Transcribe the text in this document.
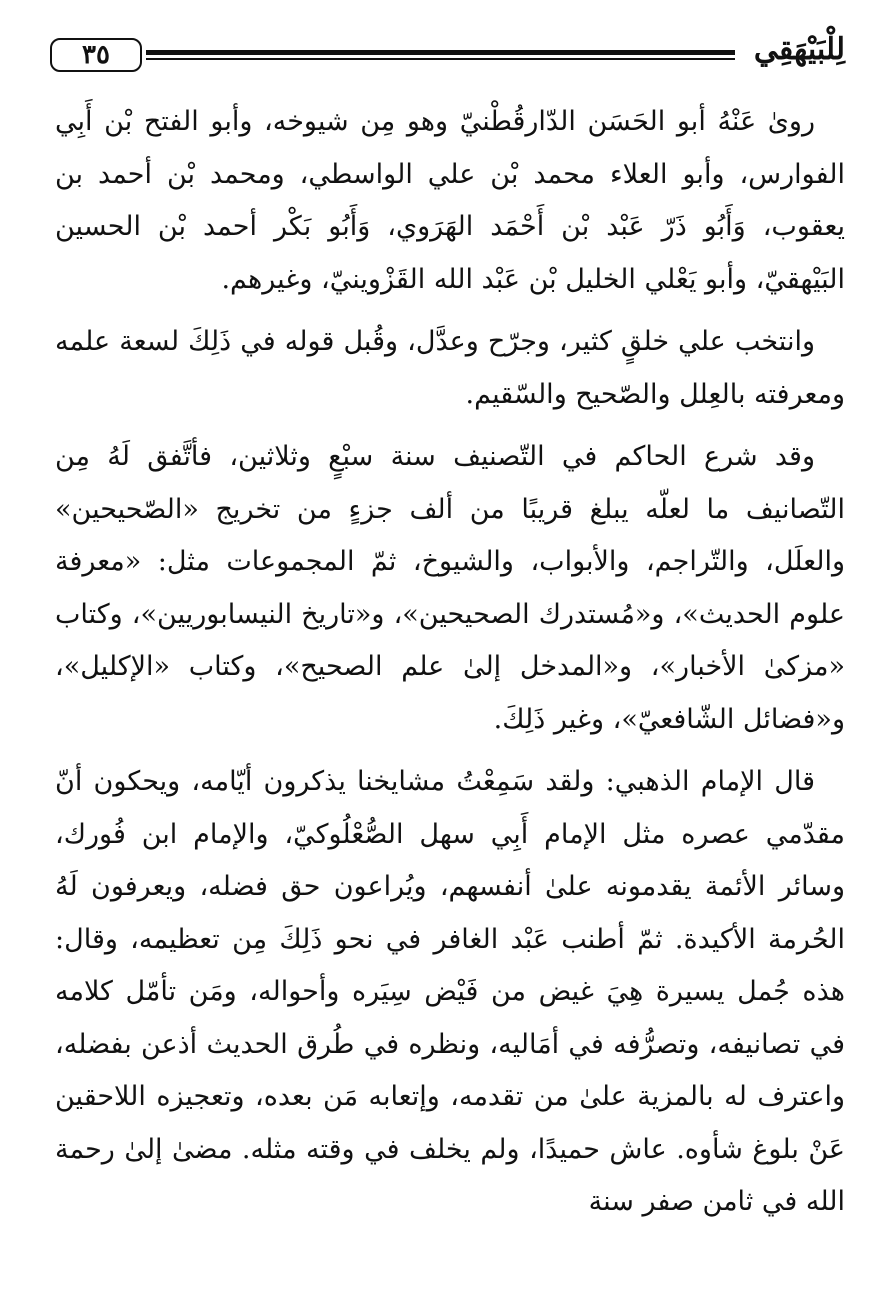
٣٥	لِلْبَيْهَقِي

روىٰ عَنْهُ أبو الحَسَن الدّارقُطْنيّ وهو مِن شيوخه، وأبو الفتح بْن أَبِي الفوارس، وأبو العلاء محمد بْن علي الواسطي، ومحمد بْن أحمد بن يعقوب، وَأَبُو ذَرّ عَبْد بْن أَحْمَد الهَرَوي، وَأَبُو بَكْر أحمد بْن الحسين البَيْهقيّ، وأبو يَعْلي الخليل بْن عَبْد الله القَزْوينيّ، وغيرهم.

وانتخب علي خلقٍ كثير، وجرّح وعدَّل، وقُبل قوله في ذَلِكَ لسعة علمه ومعرفته بالعِلل والصّحيح والسّقيم.

وقد شرع الحاكم في التّصنيف سنة سبْعٍ وثلاثين، فأتَّفق لَهُ مِن التّصانيف ما لعلّه يبلغ قريبًا من ألف جزءٍ من تخريج «الصّحيحين» والعلَل، والتّراجم، والأبواب، والشيوخ، ثمّ المجموعات مثل: «معرفة علوم الحديث»، و«مُستدرك الصحيحين»، و«تاريخ النيسابوريين»، وكتاب «مزكىٰ الأخبار»، و«المدخل إلىٰ علم الصحيح»، وكتاب «الإكليل»، و«فضائل الشّافعيّ»، وغير ذَلِكَ.

قال الإمام الذهبي: ولقد سَمِعْتُ مشايخنا يذكرون أيّامه، ويحكون أنّ مقدّمي عصره مثل الإمام أَبِي سهل الصُّعْلُوكيّ، والإمام ابن فُورك، وسائر الأئمة يقدمونه علىٰ أنفسهم، ويُراعون حق فضله، ويعرفون لَهُ الحُرمة الأكيدة. ثمّ أطنب عَبْد الغافر في نحو ذَلِكَ مِن تعظيمه، وقال: هذه جُمل يسيرة هِيَ غيض من فَيْض سِيَره وأحواله، ومَن تأمّل كلامه في تصانيفه، وتصرُّفه في أمَاليه، ونظره في طُرق الحديث أذعن بفضله، واعترف له بالمزية علىٰ من تقدمه، وإتعابه مَن بعده، وتعجيزه اللاحقين عَنْ بلوغ شأوه. عاش حميدًا، ولم يخلف في وقته مثله. مضىٰ إلىٰ رحمة الله في ثامن صفر سنة
